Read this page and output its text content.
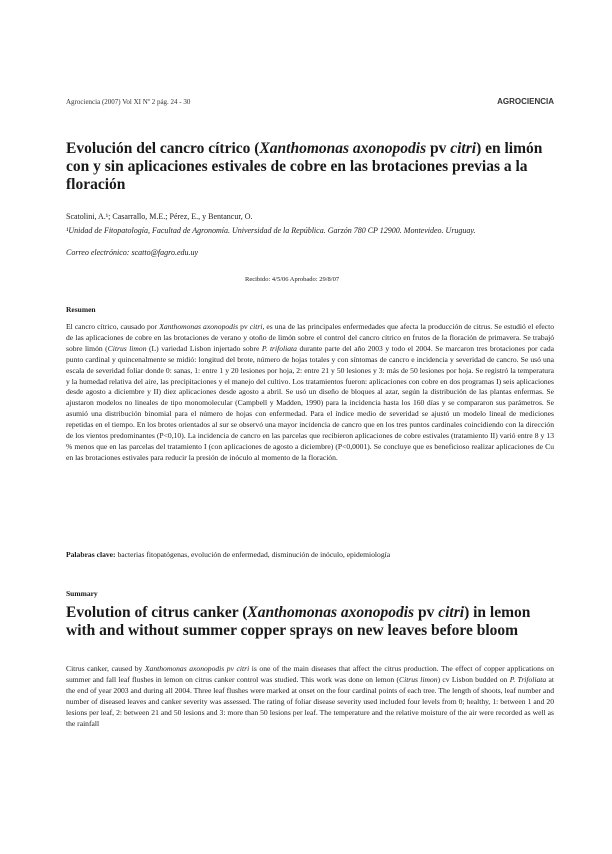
Agrociencia (2007) Vol XI Nº 2 pág. 24 - 30	AGROCIENCIA
Evolución del cancro cítrico (Xanthomonas axonopodis pv citri) en limón con y sin aplicaciones estivales de cobre en las brotaciones previas a la floración
Scatolini, A.¹; Casarrallo, M.E.; Pérez, E., y Bentancur, O.
¹Unidad de Fitopatología, Facultad de Agronomía. Universidad de la República. Garzón 780 CP 12900. Montevideo. Uruguay.
Correo electrónico: scatto@fagro.edu.uy
Recibido: 4/5/06 Aprobado: 29/8/07
Resumen

El cancro cítrico, causado por Xanthomonas axonopodis pv citri, es una de las principales enfermedades que afecta la producción de citrus. Se estudió el efecto de las aplicaciones de cobre en las brotaciones de verano y otoño de limón sobre el control del cancro cítrico en frutos de la floración de primavera. Se trabajó sobre limón (Citrus limon (L) variedad Lisbon injertado sobre P. trifoliata durante parte del año 2003 y todo el 2004. Se marcaron tres brotaciones por cada punto cardinal y quincenalmente se midió: longitud del brote, número de hojas totales y con síntomas de cancro e incidencia y severidad de cancro. Se usó una escala de severidad foliar donde 0: sanas, 1: entre 1 y 20 lesiones por hoja, 2: entre 21 y 50 lesiones y 3: más de 50 lesiones por hoja. Se registró la temperatura y la humedad relativa del aire, las precipitaciones y el manejo del cultivo. Los tratamientos fueron: aplicaciones con cobre en dos programas I) seis aplicaciones desde agosto a diciembre y II) diez aplicaciones desde agosto a abril. Se usó un diseño de bloques al azar, según la distribución de las plantas enfermas. Se ajustaron modelos no lineales de tipo monomolecular (Campbell y Madden, 1990) para la incidencia hasta los 160 días y se compararon sus parámetros. Se asumió una distribución binomial para el número de hojas con enfermedad. Para el índice medio de severidad se ajustó un modelo lineal de mediciones repetidas en el tiempo. En los brotes orientados al sur se observó una mayor incidencia de cancro que en los tres puntos cardinales coincidiendo con la dirección de los vientos predominantes (P<0,10). La incidencia de cancro en las parcelas que recibieron aplicaciones de cobre estivales (tratamiento II) varió entre 8 y 13 % menos que en las parcelas del tratamiento I (con aplicaciones de agosto a diciembre) (P<0,0001). Se concluye que es beneficioso realizar aplicaciones de Cu en las brotaciones estivales para reducir la presión de inóculo al momento de la floración.

Palabras clave: bacterias fitopatógenas, evolución de enfermedad, disminución de inóculo, epidemiología
Summary
Evolution of citrus canker (Xanthomonas axonopodis pv citri) in lemon with and without summer copper sprays on new leaves before bloom

Citrus canker, caused by Xanthomonas axonopodis pv citri is one of the main diseases that affect the citrus production. The effect of copper applications on summer and fall leaf flushes in lemon on citrus canker control was studied. This work was done on lemon (Citrus limon) cv Lisbon budded on P. Trifoliata at the end of year 2003 and during all 2004. Three leaf flushes were marked at onset on the four cardinal points of each tree. The length of shoots, leaf number and number of diseased leaves and canker severity was assessed. The rating of foliar disease severity used included four levels from 0; healthy, 1: between 1 and 20 lesions per leaf, 2: between 21 and 50 lesions and 3: more than 50 lesions per leaf. The temperature and the relative moisture of the air were recorded as well as the rainfall
